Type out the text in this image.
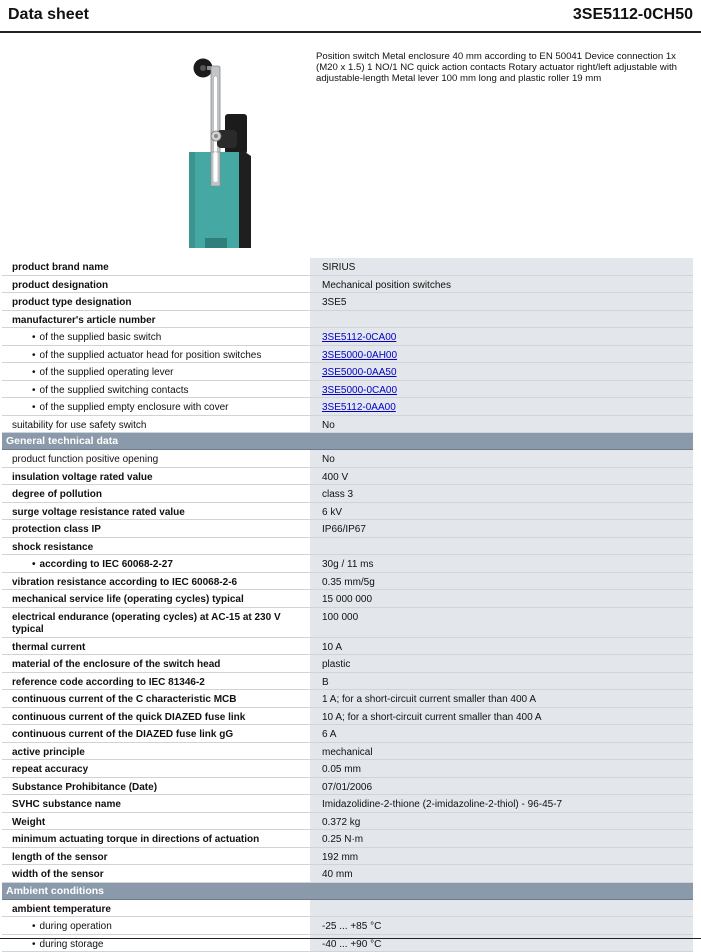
Data sheet	3SE5112-0CH50
Position switch Metal enclosure 40 mm according to EN 50041 Device connection 1x (M20 x 1.5) 1 NO/1 NC quick action contacts Rotary actuator right/left adjustable with adjustable-length Metal lever 100 mm long and plastic roller 19 mm
product brand name	SIRIUS
product designation	Mechanical position switches
product type designation	3SE5
manufacturer's article number
• of the supplied basic switch	3SE5112-0CA00
• of the supplied actuator head for position switches	3SE5000-0AH00
• of the supplied operating lever	3SE5000-0AA50
• of the supplied switching contacts	3SE5000-0CA00
• of the supplied empty enclosure with cover	3SE5112-0AA00
suitability for use safety switch	No
General technical data
product function positive opening	No
insulation voltage rated value	400 V
degree of pollution	class 3
surge voltage resistance rated value	6 kV
protection class IP	IP66/IP67
shock resistance
• according to IEC 60068-2-27	30g / 11 ms
vibration resistance according to IEC 60068-2-6	0.35 mm/5g
mechanical service life (operating cycles) typical	15 000 000
electrical endurance (operating cycles) at AC-15 at 230 V typical
100 000
thermal current	10 A
material of the enclosure of the switch head	plastic
reference code according to IEC 81346-2	B
continuous current of the C characteristic MCB	1 A; for a short-circuit current smaller than 400 A
continuous current of the quick DIAZED fuse link	10 A; for a short-circuit current smaller than 400 A
continuous current of the DIAZED fuse link gG	6 A
active principle	mechanical
repeat accuracy	0.05 mm
Substance Prohibitance (Date)	07/01/2006
SVHC substance name	Imidazolidine-2-thione (2-imidazoline-2-thiol) - 96-45-7
Weight	0.372 kg
minimum actuating torque in directions of actuation	0.25 N·m
length of the sensor	192 mm
width of the sensor	40 mm
Ambient conditions
ambient temperature
• during operation	-25 ... +85 °C
• during storage	-40 ... +90 °C
